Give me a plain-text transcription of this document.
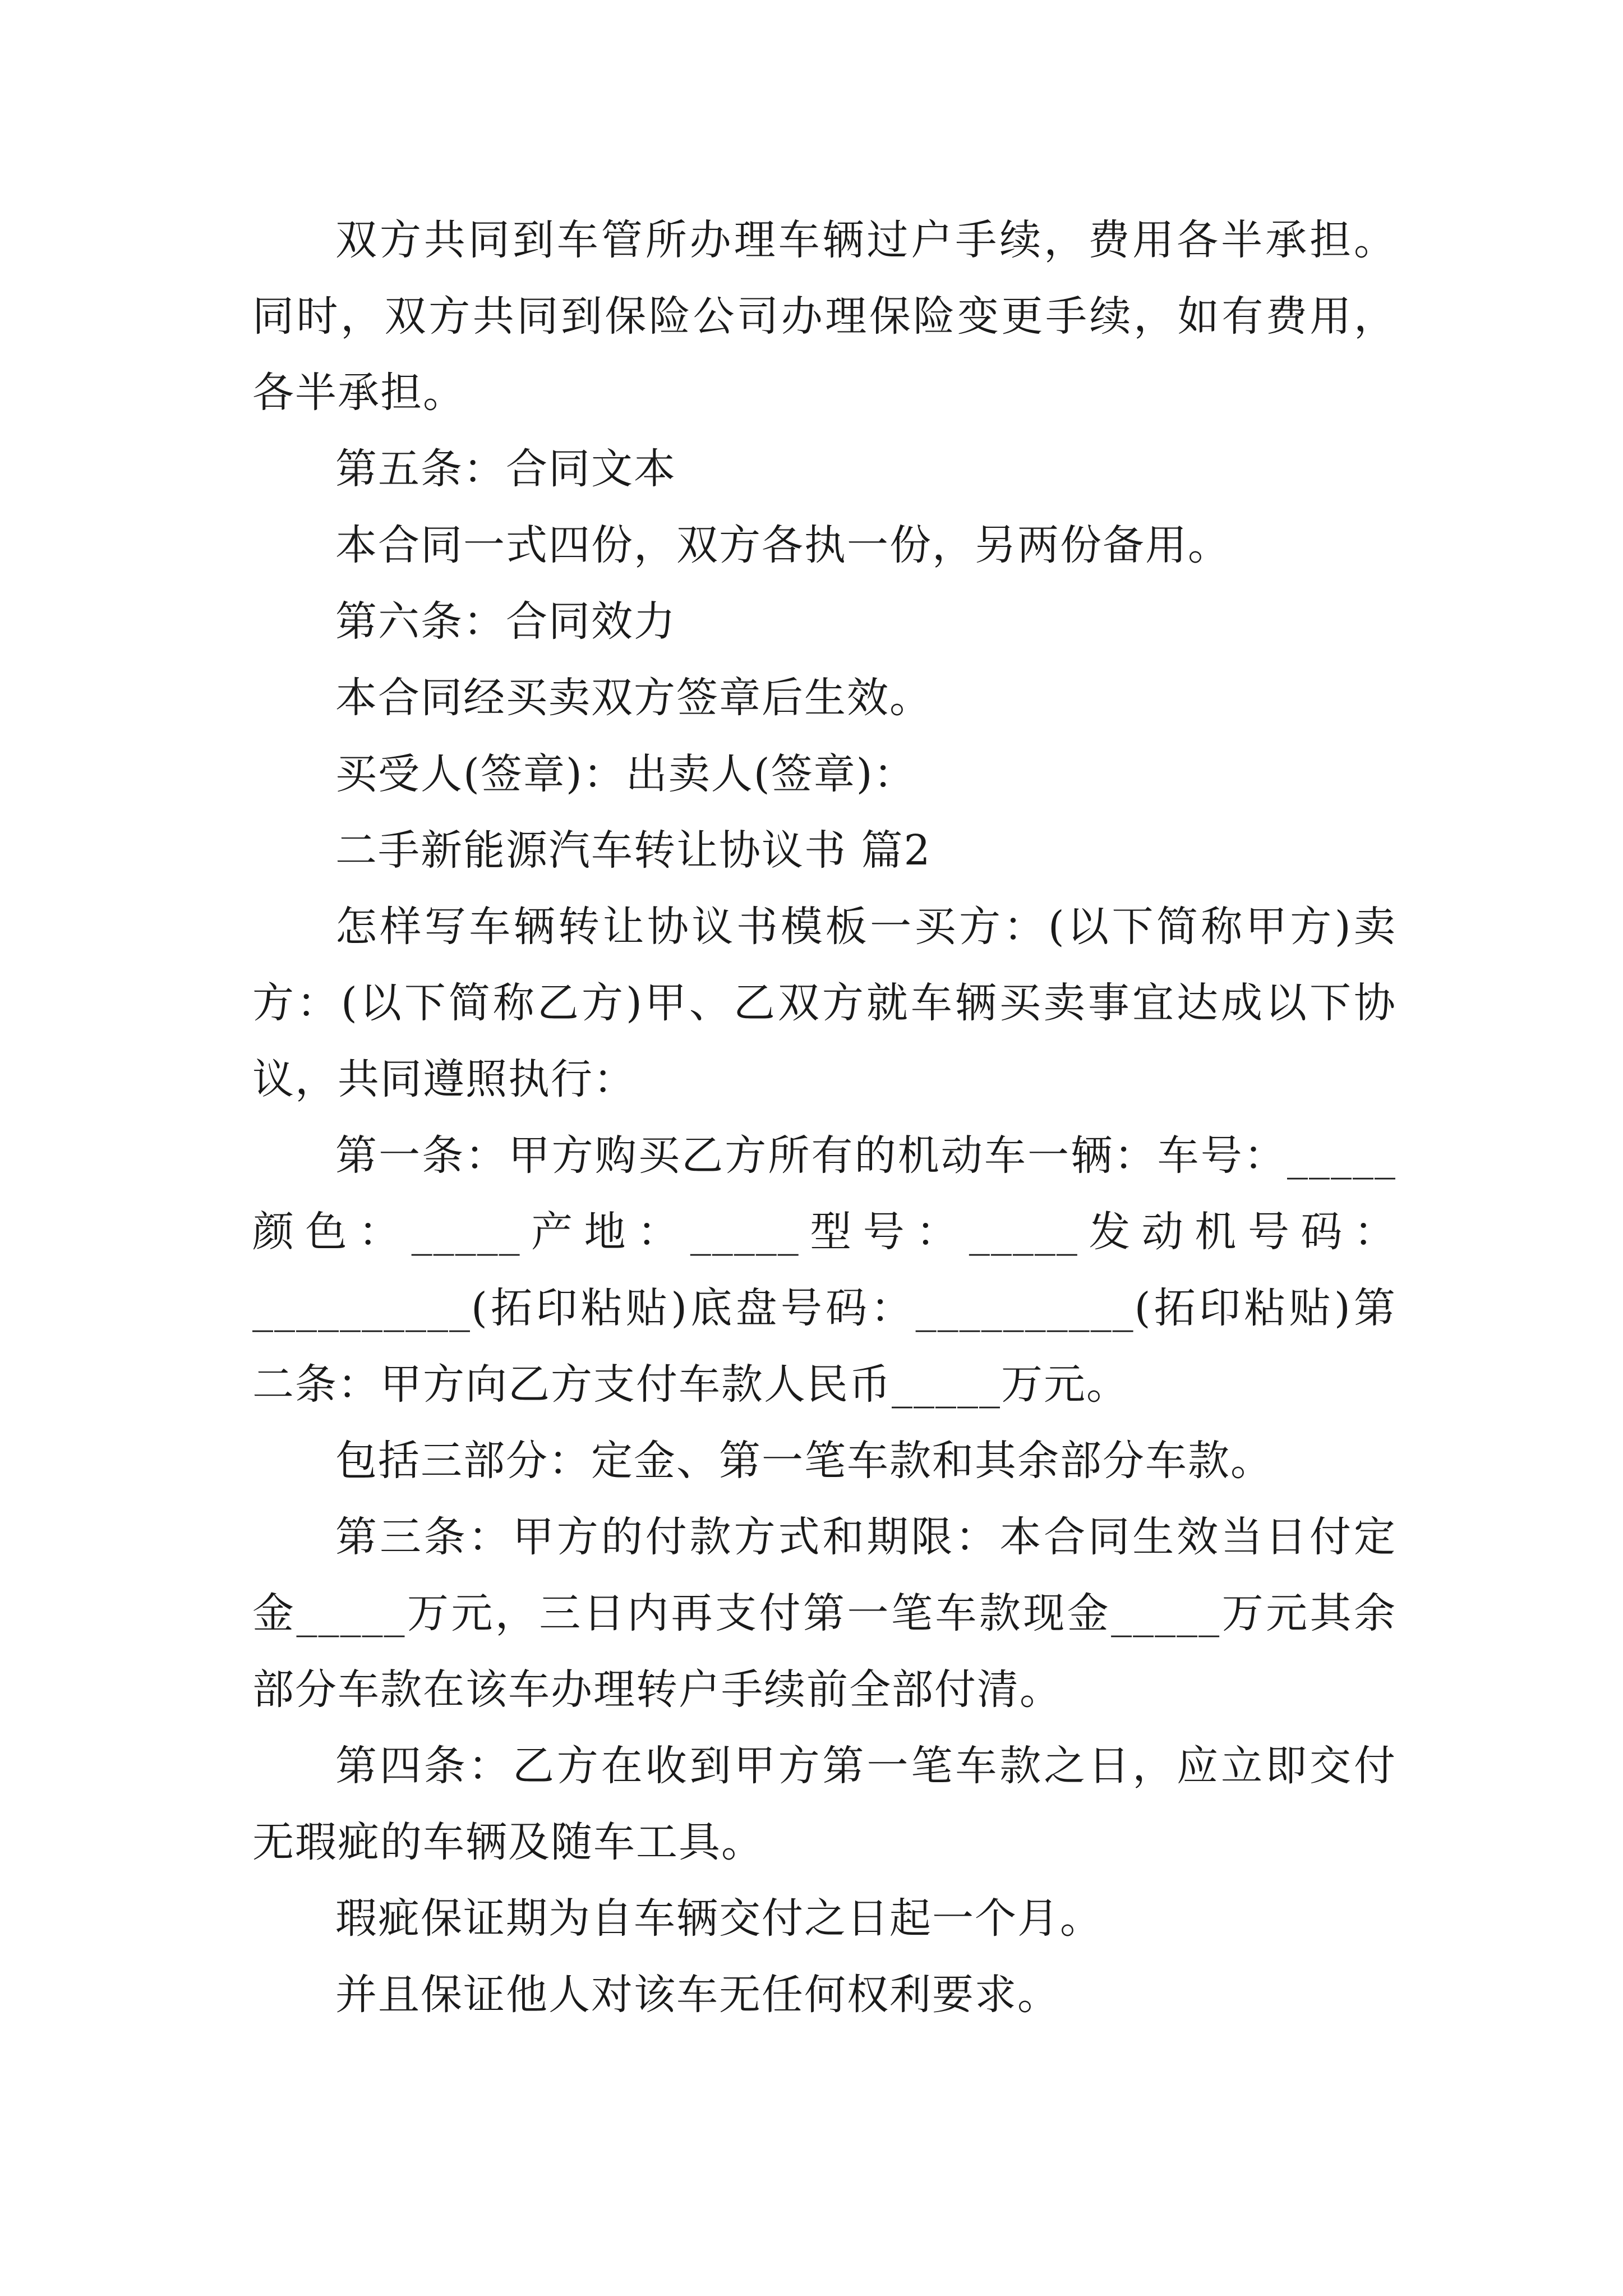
双方共同到车管所办理车辆过户手续，费用各半承担。同时，双方共同到保险公司办理保险变更手续，如有费用，各半承担。

第五条：合同文本

本合同一式四份，双方各执一份，另两份备用。

第六条：合同效力

本合同经买卖双方签章后生效。

买受人(签章)：出卖人(签章)：

二手新能源汽车转让协议书 篇2

怎样写车辆转让协议书模板一买方：(以下简称甲方)卖方：(以下简称乙方)甲、乙双方就车辆买卖事宜达成以下协议，共同遵照执行：

第一条：甲方购买乙方所有的机动车一辆：车号：_____颜色：_____产地：_____型号：_____发动机号码：__________(拓印粘贴)底盘号码：__________(拓印粘贴)第二条：甲方向乙方支付车款人民币_____万元。

包括三部分：定金、第一笔车款和其余部分车款。

第三条：甲方的付款方式和期限：本合同生效当日付定金_____万元，三日内再支付第一笔车款现金_____万元其余部分车款在该车办理转户手续前全部付清。

第四条：乙方在收到甲方第一笔车款之日，应立即交付无瑕疵的车辆及随车工具。

瑕疵保证期为自车辆交付之日起一个月。

并且保证他人对该车无任何权利要求。
